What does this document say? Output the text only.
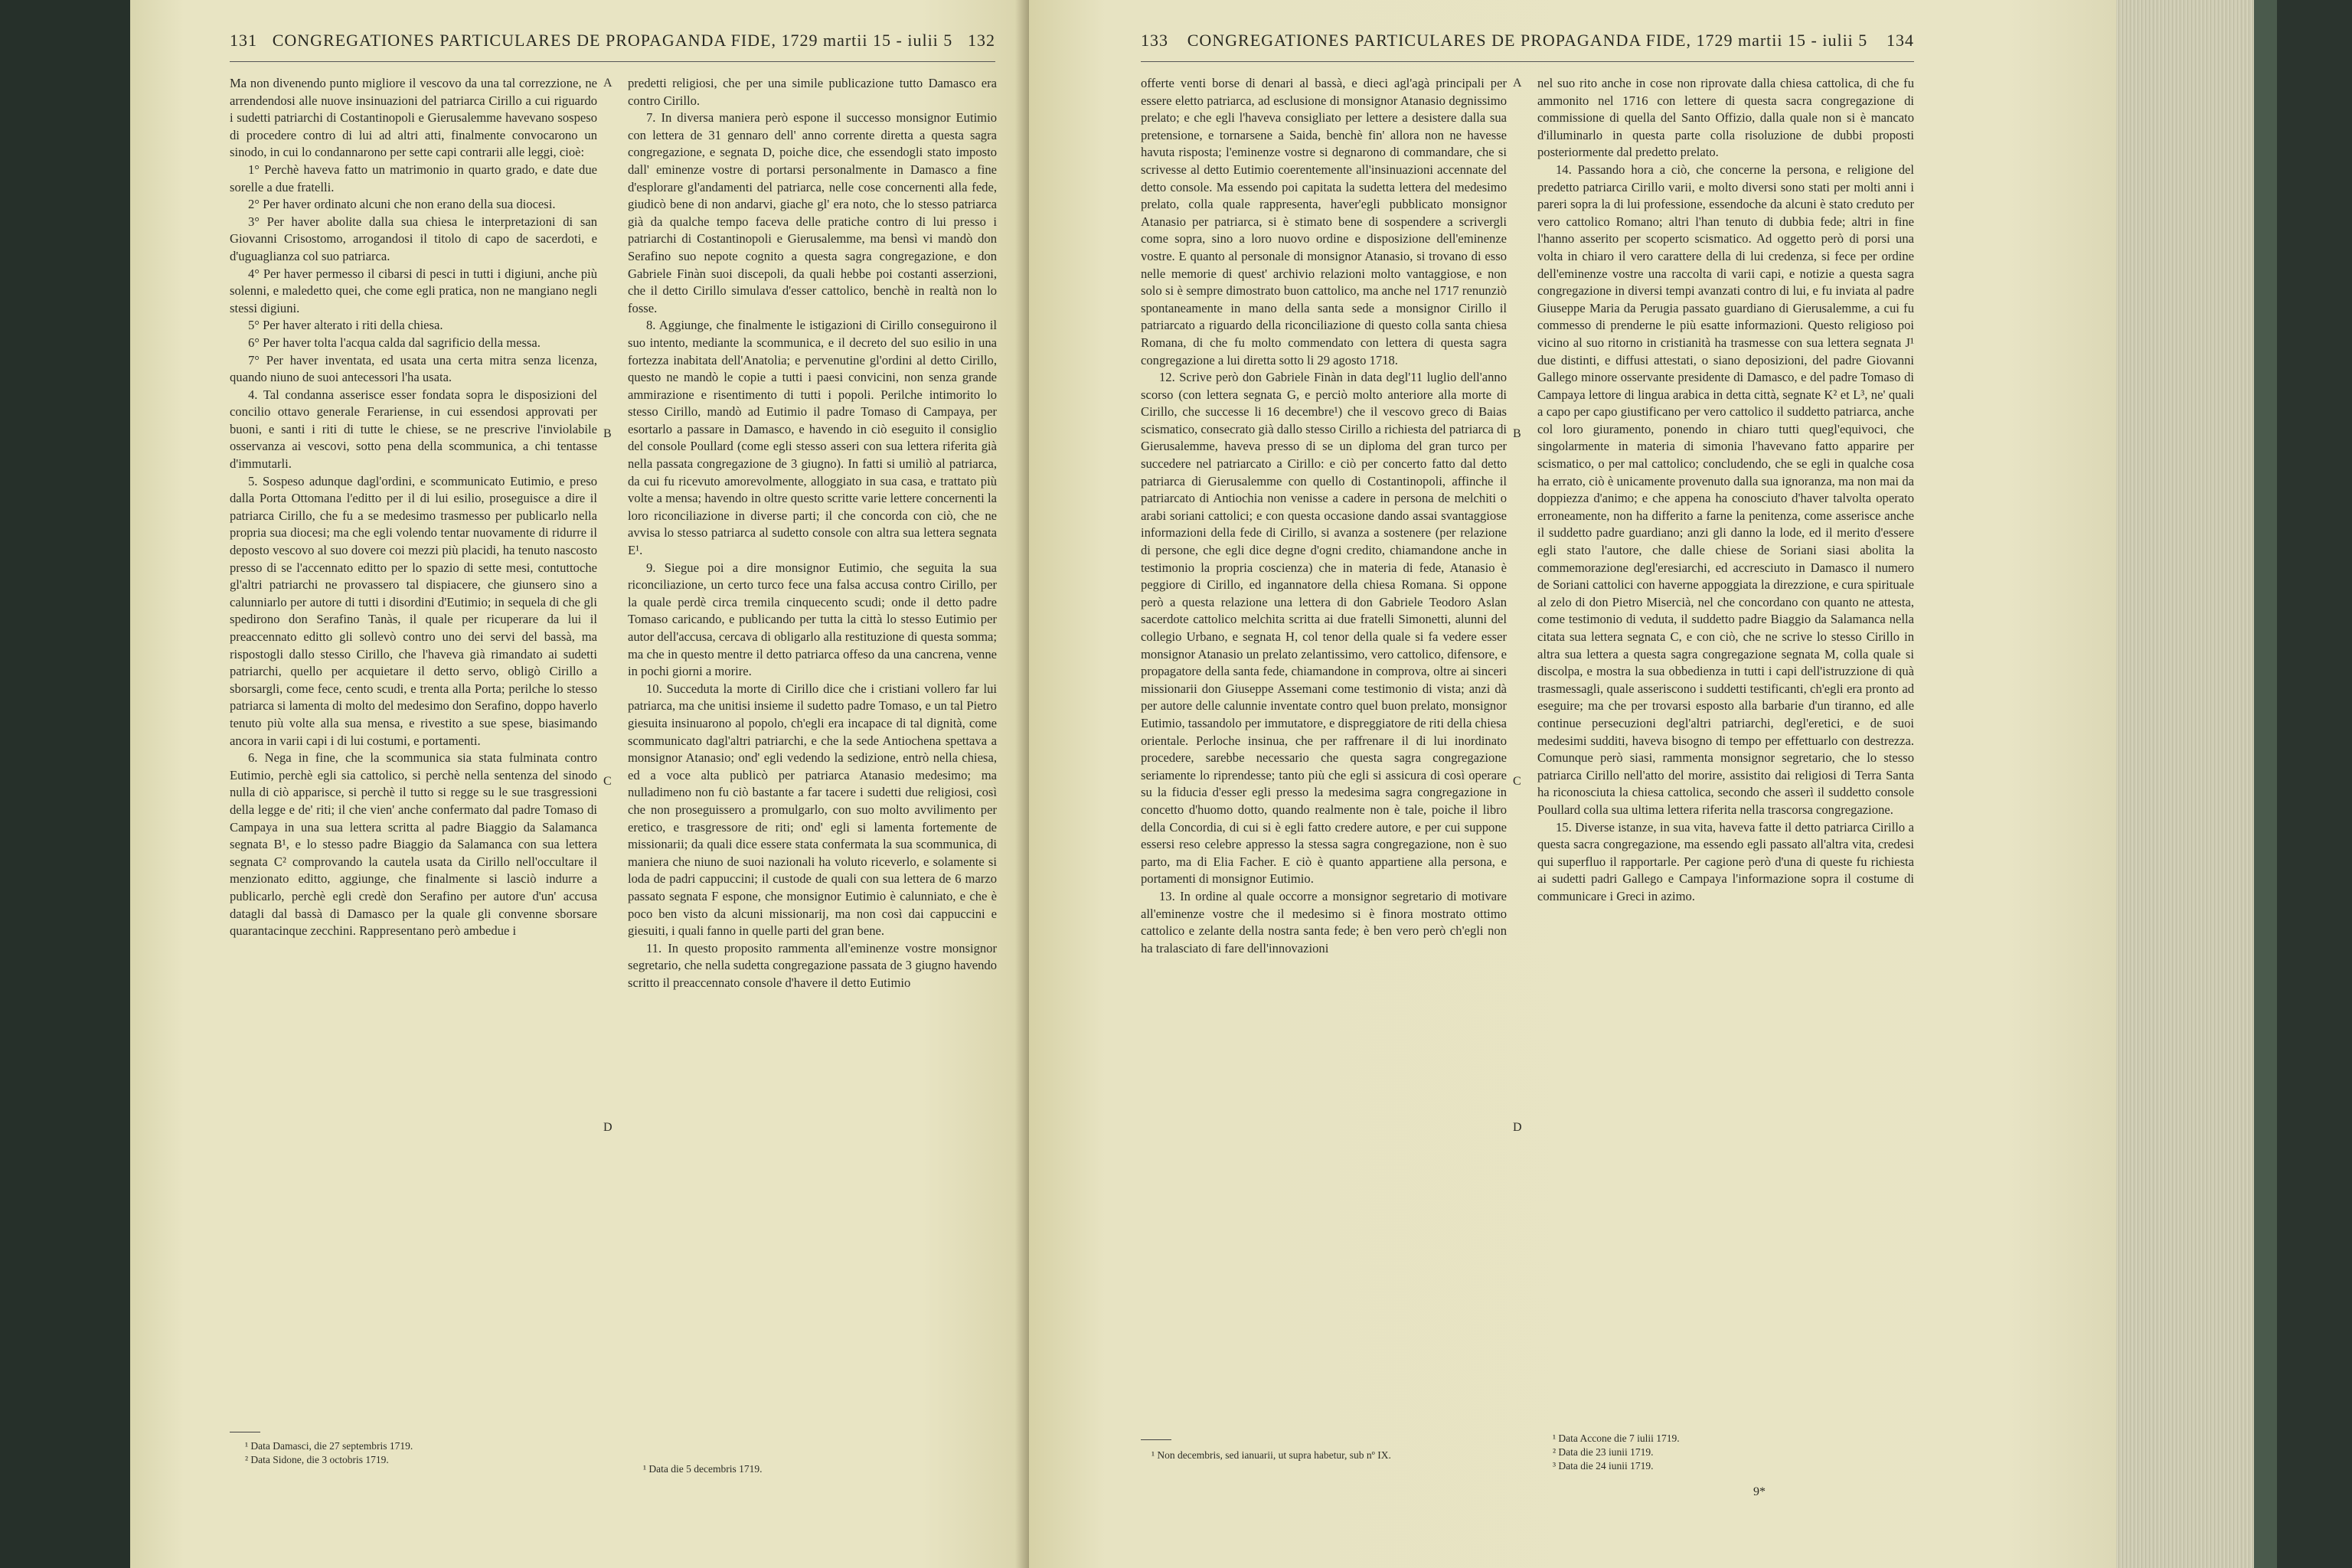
131 CONGREGATIONES PARTICULARES DE PROPAGANDA FIDE, 1729 martii 15 - iulii 5 132

Ma non divenendo punto migliore il vescovo da una tal correzzione, ne arrendendosi alle nuove insinuazioni del patriarca Cirillo a cui riguardo i sudetti patriarchi di Costantinopoli e Gierusalemme havevano sospeso di procedere contro di lui ad altri atti, finalmente convocarono un sinodo, in cui lo condannarono per sette capi contrarii alle leggi, cioè:

1° Perchè haveva fatto un matrimonio in quarto grado, e date due sorelle a due fratelli.

2° Per haver ordinato alcuni che non erano della sua diocesi.

3° Per haver abolite dalla sua chiesa le interpretazioni di san Giovanni Crisostomo, arrogandosi il titolo di capo de sacerdoti, e d'uguaglianza col suo patriarca.

4° Per haver permesso il cibarsi di pesci in tutti i digiuni, anche più solenni, e maledetto quei, che come egli pratica, non ne mangiano negli stessi digiuni.

5° Per haver alterato i riti della chiesa.

6° Per haver tolta l'acqua calda dal sagrificio della messa.

7° Per haver inventata, ed usata una certa mitra senza licenza, quando niuno de suoi antecessori l'ha usata.

4. Tal condanna asserisce esser fondata sopra le disposizioni del concilio ottavo generale Ferariense, in cui essendosi approvati per buoni, e santi i riti di tutte le chiese, se ne prescrive l'inviolabile osservanza ai vescovi, sotto pena della scommunica, a chi tentasse d'immutarli.

5. Sospeso adunque dagl'ordini, e scommunicato Eutimio, e preso dalla Porta Ottomana l'editto per il di lui esilio, proseguisce a dire il patriarca Cirillo, che fu a se medesimo trasmesso per publicarlo nella propria sua diocesi; ma che egli volendo tentar nuovamente di ridurre il deposto vescovo al suo dovere coi mezzi più placidi, ha tenuto nascosto presso di se l'accennato editto per lo spazio di sette mesi, contuttoche gl'altri patriarchi ne provassero tal dispiacere, che giunsero sino a calunniarlo per autore di tutti i disordini d'Eutimio; in sequela di che gli spedirono don Serafino Tanàs, il quale per ricuperare da lui il preaccennato editto gli sollevò contro uno dei servi del bassà, ma rispostogli dallo stesso Cirillo, che l'haveva già rimandato ai sudetti patriarchi, quello per acquietare il detto servo, obligò Cirillo a sborsargli, come fece, cento scudi, e trenta alla Porta; perilche lo stesso patriarca si lamenta di molto del medesimo don Serafino, doppo haverlo tenuto più volte alla sua mensa, e rivestito a sue spese, biasimando ancora in varii capi i di lui costumi, e portamenti.

6. Nega in fine, che la scommunica sia stata fulminata contro Eutimio, perchè egli sia cattolico, si perchè nella sentenza del sinodo nulla di ciò apparisce, si perchè il tutto si regge su le sue trasgressioni della legge e de' riti; il che vien' anche confermato dal padre Tomaso di Campaya in una sua lettera scritta al padre Biaggio da Salamanca segnata B¹, e lo stesso padre Biaggio da Salamanca con sua lettera segnata C² comprovando la cautela usata da Cirillo nell'occultare il menzionato editto, aggiunge, che finalmente si lasciò indurre a publicarlo, perchè egli credè don Serafino per autore d'un' accusa datagli dal bassà di Damasco per la quale gli convenne sborsare quarantacinque zecchini. Rappresentano però ambedue i

predetti religiosi, che per una simile publicazione tutto Damasco era contro Cirillo.

7. In diversa maniera però espone il successo monsignor Eutimio con lettera de 31 gennaro dell' anno corrente diretta a questa sagra congregazione, e segnata D, poiche dice, che essendogli stato imposto dall' eminenze vostre di portarsi personalmente in Damasco a fine d'esplorare gl'andamenti del patriarca, nelle cose concernenti alla fede, giudicò bene di non andarvi, giache gl' era noto, che lo stesso patriarca già da qualche tempo faceva delle pratiche contro di lui presso i patriarchi di Costantinopoli e Gierusalemme, ma bensì vi mandò don Serafino suo nepote cognito a questa sagra congregazione, e don Gabriele Finàn suoi discepoli, da quali hebbe poi costanti asserzioni, che il detto Cirillo simulava d'esser cattolico, benchè in realtà non lo fosse.

8. Aggiunge, che finalmente le istigazioni di Cirillo conseguirono il suo intento, mediante la scommunica, e il decreto del suo esilio in una fortezza inabitata dell'Anatolia; e pervenutine gl'ordini al detto Cirillo, questo ne mandò le copie a tutti i paesi convicini, non senza grande ammirazione e risentimento di tutti i popoli. Perilche intimorito lo stesso Cirillo, mandò ad Eutimio il padre Tomaso di Campaya, per esortarlo a passare in Damasco, e havendo in ciò eseguito il consiglio del console Poullard (come egli stesso asseri con sua lettera riferita già nella passata congregazione de 3 giugno). In fatti si umiliò al patriarca, da cui fu ricevuto amorevolmente, alloggiato in sua casa, e trattato più volte a mensa; havendo in oltre questo scritte varie lettere concernenti la loro riconciliazione in diverse parti; il che concorda con ciò, che ne avvisa lo stesso patriarca al sudetto console con altra sua lettera segnata E¹.

9. Siegue poi a dire monsignor Eutimio, che seguita la sua riconciliazione, un certo turco fece una falsa accusa contro Cirillo, per la quale perdè circa tremila cinquecento scudi; onde il detto padre Tomaso caricando, e publicando per tutta la città lo stesso Eutimio per autor dell'accusa, cercava di obligarlo alla restituzione di questa somma; ma che in questo mentre il detto patriarca offeso da una cancrena, venne in pochi giorni a morire.

10. Succeduta la morte di Cirillo dice che i cristiani vollero far lui patriarca, ma che unitisi insieme il sudetto padre Tomaso, e un tal Pietro giesuita insinuarono al popolo, ch'egli era incapace di tal dignità, come scommunicato dagl'altri patriarchi, e che la sede Antiochena spettava a monsignor Atanasio; ond' egli vedendo la sedizione, entrò nella chiesa, ed a voce alta publicò per patriarca Atanasio medesimo; ma nulladimeno non fu ciò bastante a far tacere i sudetti due religiosi, così che non proseguissero a promulgarlo, con suo molto avvilimento per eretico, e trasgressore de riti; ond' egli si lamenta fortemente de missionarii; da quali dice essere stata confermata la sua scommunica, di maniera che niuno de suoi nazionali ha voluto riceverlo, e solamente si loda de padri cappuccini; il custode de quali con sua lettera de 6 marzo passato segnata F espone, che monsignor Eutimio è calunniato, e che è poco ben visto da alcuni missionarij, ma non così dai cappuccini e giesuiti, i quali fanno in quelle parti del gran bene.

11. In questo proposito rammenta all'eminenze vostre monsignor segretario, che nella sudetta congregazione passata de 3 giugno havendo scritto il preaccennato console d'havere il detto Eutimio

A
B
C
D
¹ Data Damasci, die 27 septembris 1719.
² Data Sidone, die 3 octobris 1719.
¹ Data die 5 decembris 1719.
133	CONGREGATIONES PARTICULARES DE PROPAGANDA FIDE, 1729 martii 15 - iulii 5	134

offerte venti borse di denari al bassà, e dieci agl'agà principali per essere eletto patriarca, ad esclusione di monsignor Atanasio degnissimo prelato; e che egli l'haveva consigliato per lettere a desistere dalla sua pretensione, e tornarsene a Saida, benchè fin' allora non ne havesse havuta risposta; l'eminenze vostre si degnarono di commandare, che si scrivesse al detto Eutimio coerentemente all'insinuazioni accennate del detto console. Ma essendo poi capitata la sudetta lettera del medesimo prelato, colla quale rappresenta, haver'egli pubblicato monsignor Atanasio per patriarca, si è stimato bene di sospendere a scrivergli come sopra, sino a loro nuovo ordine e disposizione dell'eminenze vostre. E quanto al personale di monsignor Atanasio, si trovano di esso nelle memorie di quest' archivio relazioni molto vantaggiose, e non solo si è sempre dimostrato buon cattolico, ma anche nel 1717 renunziò spontaneamente in mano della santa sede a monsignor Cirillo il patriarcato a riguardo della riconciliazione di questo colla santa chiesa Romana, di che fu molto commendato con lettera di questa sagra congregazione a lui diretta sotto li 29 agosto 1718.

12. Scrive però don Gabriele Finàn in data degl'11 luglio dell'anno scorso (con lettera segnata G, e perciò molto anteriore alla morte di Cirillo, che successe li 16 decembre¹) che il vescovo greco di Baias scismatico, consecrato già dallo stesso Cirillo a richiesta del patriarca di Gierusalemme, haveva presso di se un diploma del gran turco per succedere nel patriarcato a Cirillo: e ciò per concerto fatto dal detto patriarca di Gierusalemme con quello di Costantinopoli, affinche il patriarcato di Antiochia non venisse a cadere in persona de melchiti o arabi soriani cattolici; e con questa occasione dando assai svantaggiose informazioni della fede di Cirillo, si avanza a sostenere (per relazione di persone, che egli dice degne d'ogni credito, chiamandone anche in testimonio la propria coscienza) che in materia di fede, Atanasio è peggiore di Cirillo, ed ingannatore della chiesa Romana. Si oppone però a questa relazione una lettera di don Gabriele Teodoro Aslan sacerdote cattolico melchita scritta ai due fratelli Simonetti, alunni del collegio Urbano, e segnata H, col tenor della quale si fa vedere esser monsignor Atanasio un prelato zelantissimo, vero cattolico, difensore, e propagatore della santa fede, chiamandone in comprova, oltre ai sinceri missionarii don Giuseppe Assemani come testimonio di vista; anzi dà per autore delle calunnie inventate contro quel buon prelato, monsignor Eutimio, tassandolo per immutatore, e dispreggiatore de riti della chiesa orientale. Perloche insinua, che per raffrenare il di lui inordinato procedere, sarebbe necessario che questa sagra congregazione seriamente lo riprendesse; tanto più che egli si assicura di così operare su la fiducia d'esser egli presso la medesima sagra congregazione in concetto d'huomo dotto, quando realmente non è tale, poiche il libro della Concordia, di cui si è egli fatto credere autore, e per cui suppone essersi reso celebre appresso la stessa sagra congregazione, non è suo parto, ma di Elia Facher. E ciò è quanto appartiene alla persona, e portamenti di monsignor Eutimio.

13. In ordine al quale occorre a monsignor segretario di motivare all'eminenze vostre che il medesimo si è finora mostrato ottimo cattolico e zelante della nostra santa fede; è ben vero però ch'egli non ha tralasciato di fare dell'innovazioni

nel suo rito anche in cose non riprovate dalla chiesa cattolica, di che fu ammonito nel 1716 con lettere di questa sacra congregazione di commissione di quella del Santo Offizio, dalla quale non si è mancato d'illuminarlo in questa parte colla risoluzione de dubbi proposti posteriormente dal predetto prelato.

14. Passando hora a ciò, che concerne la persona, e religione del predetto patriarca Cirillo varii, e molto diversi sono stati per molti anni i pareri sopra la di lui professione, essendoche da alcuni è stato creduto per vero cattolico Romano; altri l'han tenuto di dubbia fede; altri in fine l'hanno asserito per scoperto scismatico. Ad oggetto però di porsi una volta in chiaro il vero carattere della di lui credenza, si fece per ordine dell'eminenze vostre una raccolta di varii capi, e notizie a questa sagra congregazione in diversi tempi avanzati contro di lui, e fu inviata al padre Giuseppe Maria da Perugia passato guardiano di Gierusalemme, a cui fu commesso di prenderne le più esatte informazioni. Questo religioso poi vicino al suo ritorno in cristianità ha trasmesse con sua lettera segnata J¹ due distinti, e diffusi attestati, o siano deposizioni, del padre Giovanni Gallego minore osservante presidente di Damasco, e del padre Tomaso di Campaya lettore di lingua arabica in detta città, segnate K² et L³, ne' quali a capo per capo giustificano per vero cattolico il suddetto patriarca, anche col loro giuramento, ponendo in chiaro tutti quegl'equivoci, che singolarmente in materia di simonia l'havevano fatto apparire per scismatico, o per mal cattolico; concludendo, che se egli in qualche cosa ha errato, ciò è unicamente provenuto dalla sua ignoranza, ma non mai da doppiezza d'animo; e che appena ha conosciuto d'haver talvolta operato erroneamente, non ha differito a farne la penitenza, come asserisce anche il suddetto padre guardiano; anzi gli danno la lode, ed il merito d'essere egli stato l'autore, che dalle chiese de Soriani siasi abolita la commemorazione degl'eresiarchi, ed accresciuto in Damasco il numero de Soriani cattolici con haverne appoggiata la direzzione, e cura spirituale al zelo di don Pietro Misercià, nel che concordano con quanto ne attesta, come testimonio di veduta, il suddetto padre Biaggio da Salamanca nella citata sua lettera segnata C, e con ciò, che ne scrive lo stesso Cirillo in altra sua lettera a questa sagra congregazione segnata M, colla quale si discolpa, e mostra la sua obbedienza in tutti i capi dell'istruzzione di quà trasmessagli, quale asseriscono i suddetti testificanti, ch'egli era pronto ad eseguire; ma che per trovarsi esposto alla barbarie d'un tiranno, ed alle continue persecuzioni degl'altri patriarchi, degl'eretici, e de suoi medesimi sudditi, haveva bisogno di tempo per effettuarlo con destrezza. Comunque però siasi, rammenta monsignor segretario, che lo stesso patriarca Cirillo nell'atto del morire, assistito dai religiosi di Terra Santa ha riconosciuta la chiesa cattolica, secondo che asserì il suddetto console Poullard colla sua ultima lettera riferita nella trascorsa congregazione.

15. Diverse istanze, in sua vita, haveva fatte il detto patriarca Cirillo a questa sacra congregazione, ma essendo egli passato all'altra vita, credesi qui superfluo il rapportarle. Per cagione però d'una di queste fu richiesta ai sudetti padri Gallego e Campaya l'informazione sopra il costume di communicare i Greci in azimo.

A
B
C
D
¹ Non decembris, sed ianuarii, ut supra habetur, sub nº IX.
¹ Data Accone die 7 iulii 1719.
² Data die 23 iunii 1719.
³ Data die 24 iunii 1719.
9*
